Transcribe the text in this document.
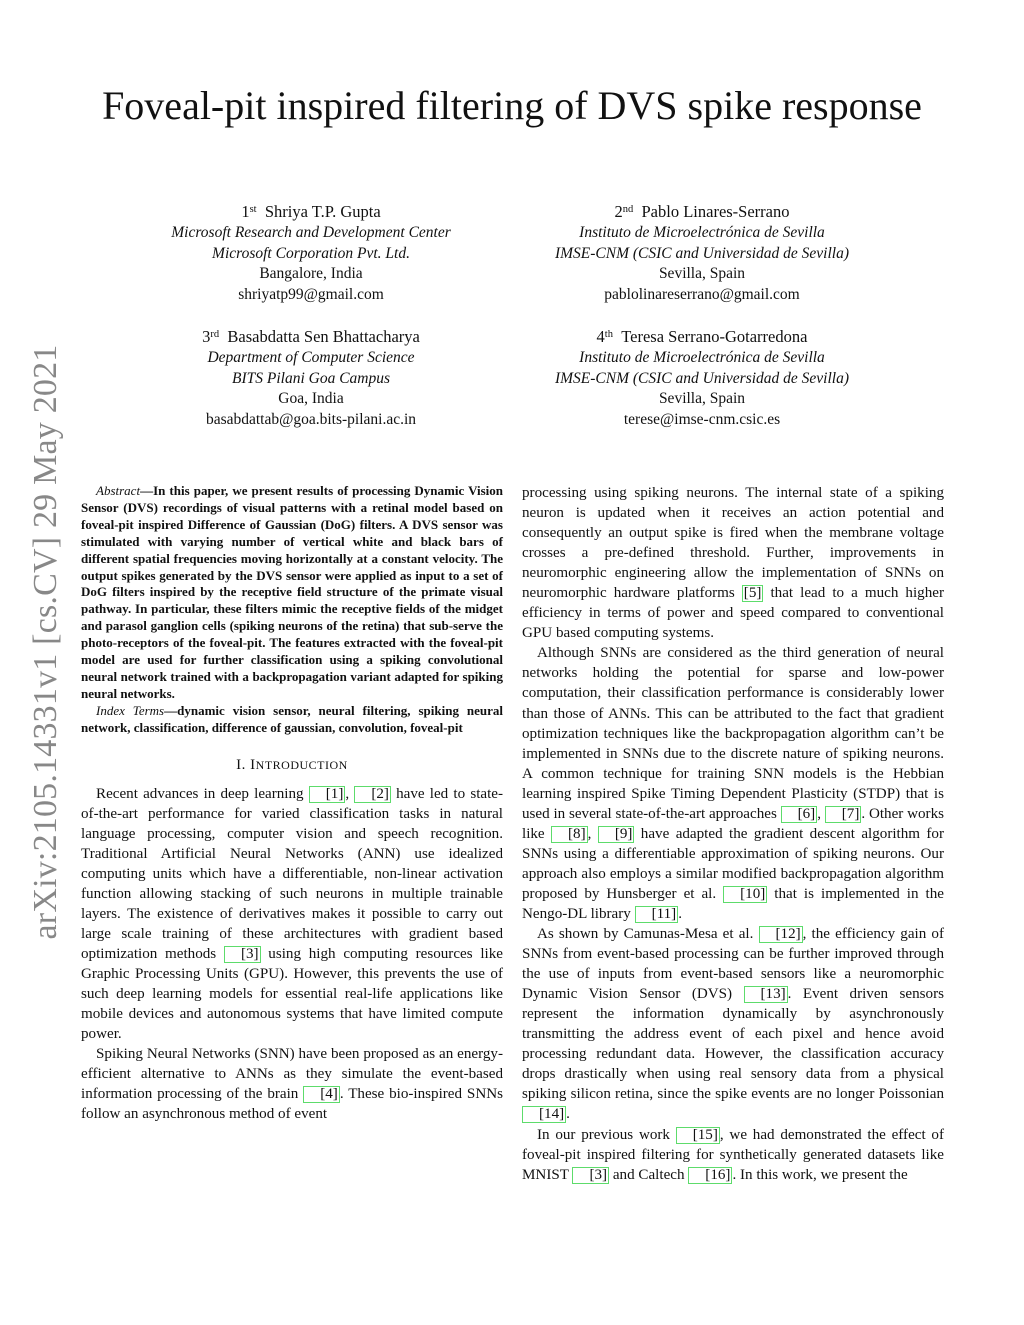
arXiv:2105.14331v1 [cs.CV] 29 May 2021
Foveal-pit inspired filtering of DVS spike response
1st Shriya T.P. Gupta
Microsoft Research and Development Center
Microsoft Corporation Pvt. Ltd.
Bangalore, India
shriyatp99@gmail.com
2nd Pablo Linares-Serrano
Instituto de Microelectrónica de Sevilla
IMSE-CNM (CSIC and Universidad de Sevilla)
Sevilla, Spain
pablolinareserrano@gmail.com
3rd Basabdatta Sen Bhattacharya
Department of Computer Science
BITS Pilani Goa Campus
Goa, India
basabdattab@goa.bits-pilani.ac.in
4th Teresa Serrano-Gotarredona
Instituto de Microelectrónica de Sevilla
IMSE-CNM (CSIC and Universidad de Sevilla)
Sevilla, Spain
terese@imse-cnm.csic.es

Abstract—In this paper, we present results of processing Dynamic Vision Sensor (DVS) recordings of visual patterns with a retinal model based on foveal-pit inspired Difference of Gaussian (DoG) filters. A DVS sensor was stimulated with varying number of vertical white and black bars of different spatial frequencies moving horizontally at a constant velocity. The output spikes generated by the DVS sensor were applied as input to a set of DoG filters inspired by the receptive field structure of the primate visual pathway. In particular, these filters mimic the receptive fields of the midget and parasol ganglion cells (spiking neurons of the retina) that sub-serve the photo-receptors of the foveal-pit. The features extracted with the foveal-pit model are used for further classification using a spiking convolutional neural network trained with a backpropagation variant adapted for spiking neural networks.

Index Terms—dynamic vision sensor, neural filtering, spiking neural network, classification, difference of gaussian, convolution, foveal-pit

I. INTRODUCTION

Recent advances in deep learning [1] , [2] have led to state-of-the-art performance for varied classification tasks in natural language processing, computer vision and speech recognition. Traditional Artificial Neural Networks (ANN) use idealized computing units which have a differentiable, non-linear activation function allowing stacking of such neurons in multiple trainable layers. The existence of derivatives makes it possible to carry out large scale training of these architectures with gradient based optimization methods [3] using high computing resources like Graphic Processing Units (GPU). However, this prevents the use of such deep learning models for essential real-life applications like mobile devices and autonomous systems that have limited compute power.

Spiking Neural Networks (SNN) have been proposed as an energy-efficient alternative to ANNs as they simulate the event-based information processing of the brain [4] . These bio-inspired SNNs follow an asynchronous method of event

processing using spiking neurons. The internal state of a spiking neuron is updated when it receives an action potential and consequently an output spike is fired when the membrane voltage crosses a pre-defined threshold. Further, improvements in neuromorphic engineering allow the implementation of SNNs on neuromorphic hardware platforms [5] that lead to a much higher efficiency in terms of power and speed compared to conventional GPU based computing systems.

Although SNNs are considered as the third generation of neural networks holding the potential for sparse and low-power computation, their classification performance is considerably lower than those of ANNs. This can be attributed to the fact that gradient optimization techniques like the backpropagation algorithm can’t be implemented in SNNs due to the discrete nature of spiking neurons. A common technique for training SNN models is the Hebbian learning inspired Spike Timing Dependent Plasticity (STDP) that is used in several state-of-the-art approaches [6] , [7] . Other works like [8] , [9] have adapted the gradient descent algorithm for SNNs using a differentiable approximation of spiking neurons. Our approach also employs a similar modified backpropagation algorithm proposed by Hunsberger et al. [10] that is implemented in the Nengo-DL library [11] .

As shown by Camunas-Mesa et al. [12] , the efficiency gain of SNNs from event-based processing can be further improved through the use of inputs from event-based sensors like a neuromorphic Dynamic Vision Sensor (DVS) [13] . Event driven sensors represent the information dynamically by asynchronously transmitting the address event of each pixel and hence avoid processing redundant data. However, the classification accuracy drops drastically when using real sensory data from a physical spiking silicon retina, since the spike events are no longer Poissonian [14] .

In our previous work [15] , we had demonstrated the effect of foveal-pit inspired filtering for synthetically generated datasets like MNIST [3] and Caltech [16] . In this work, we present the
